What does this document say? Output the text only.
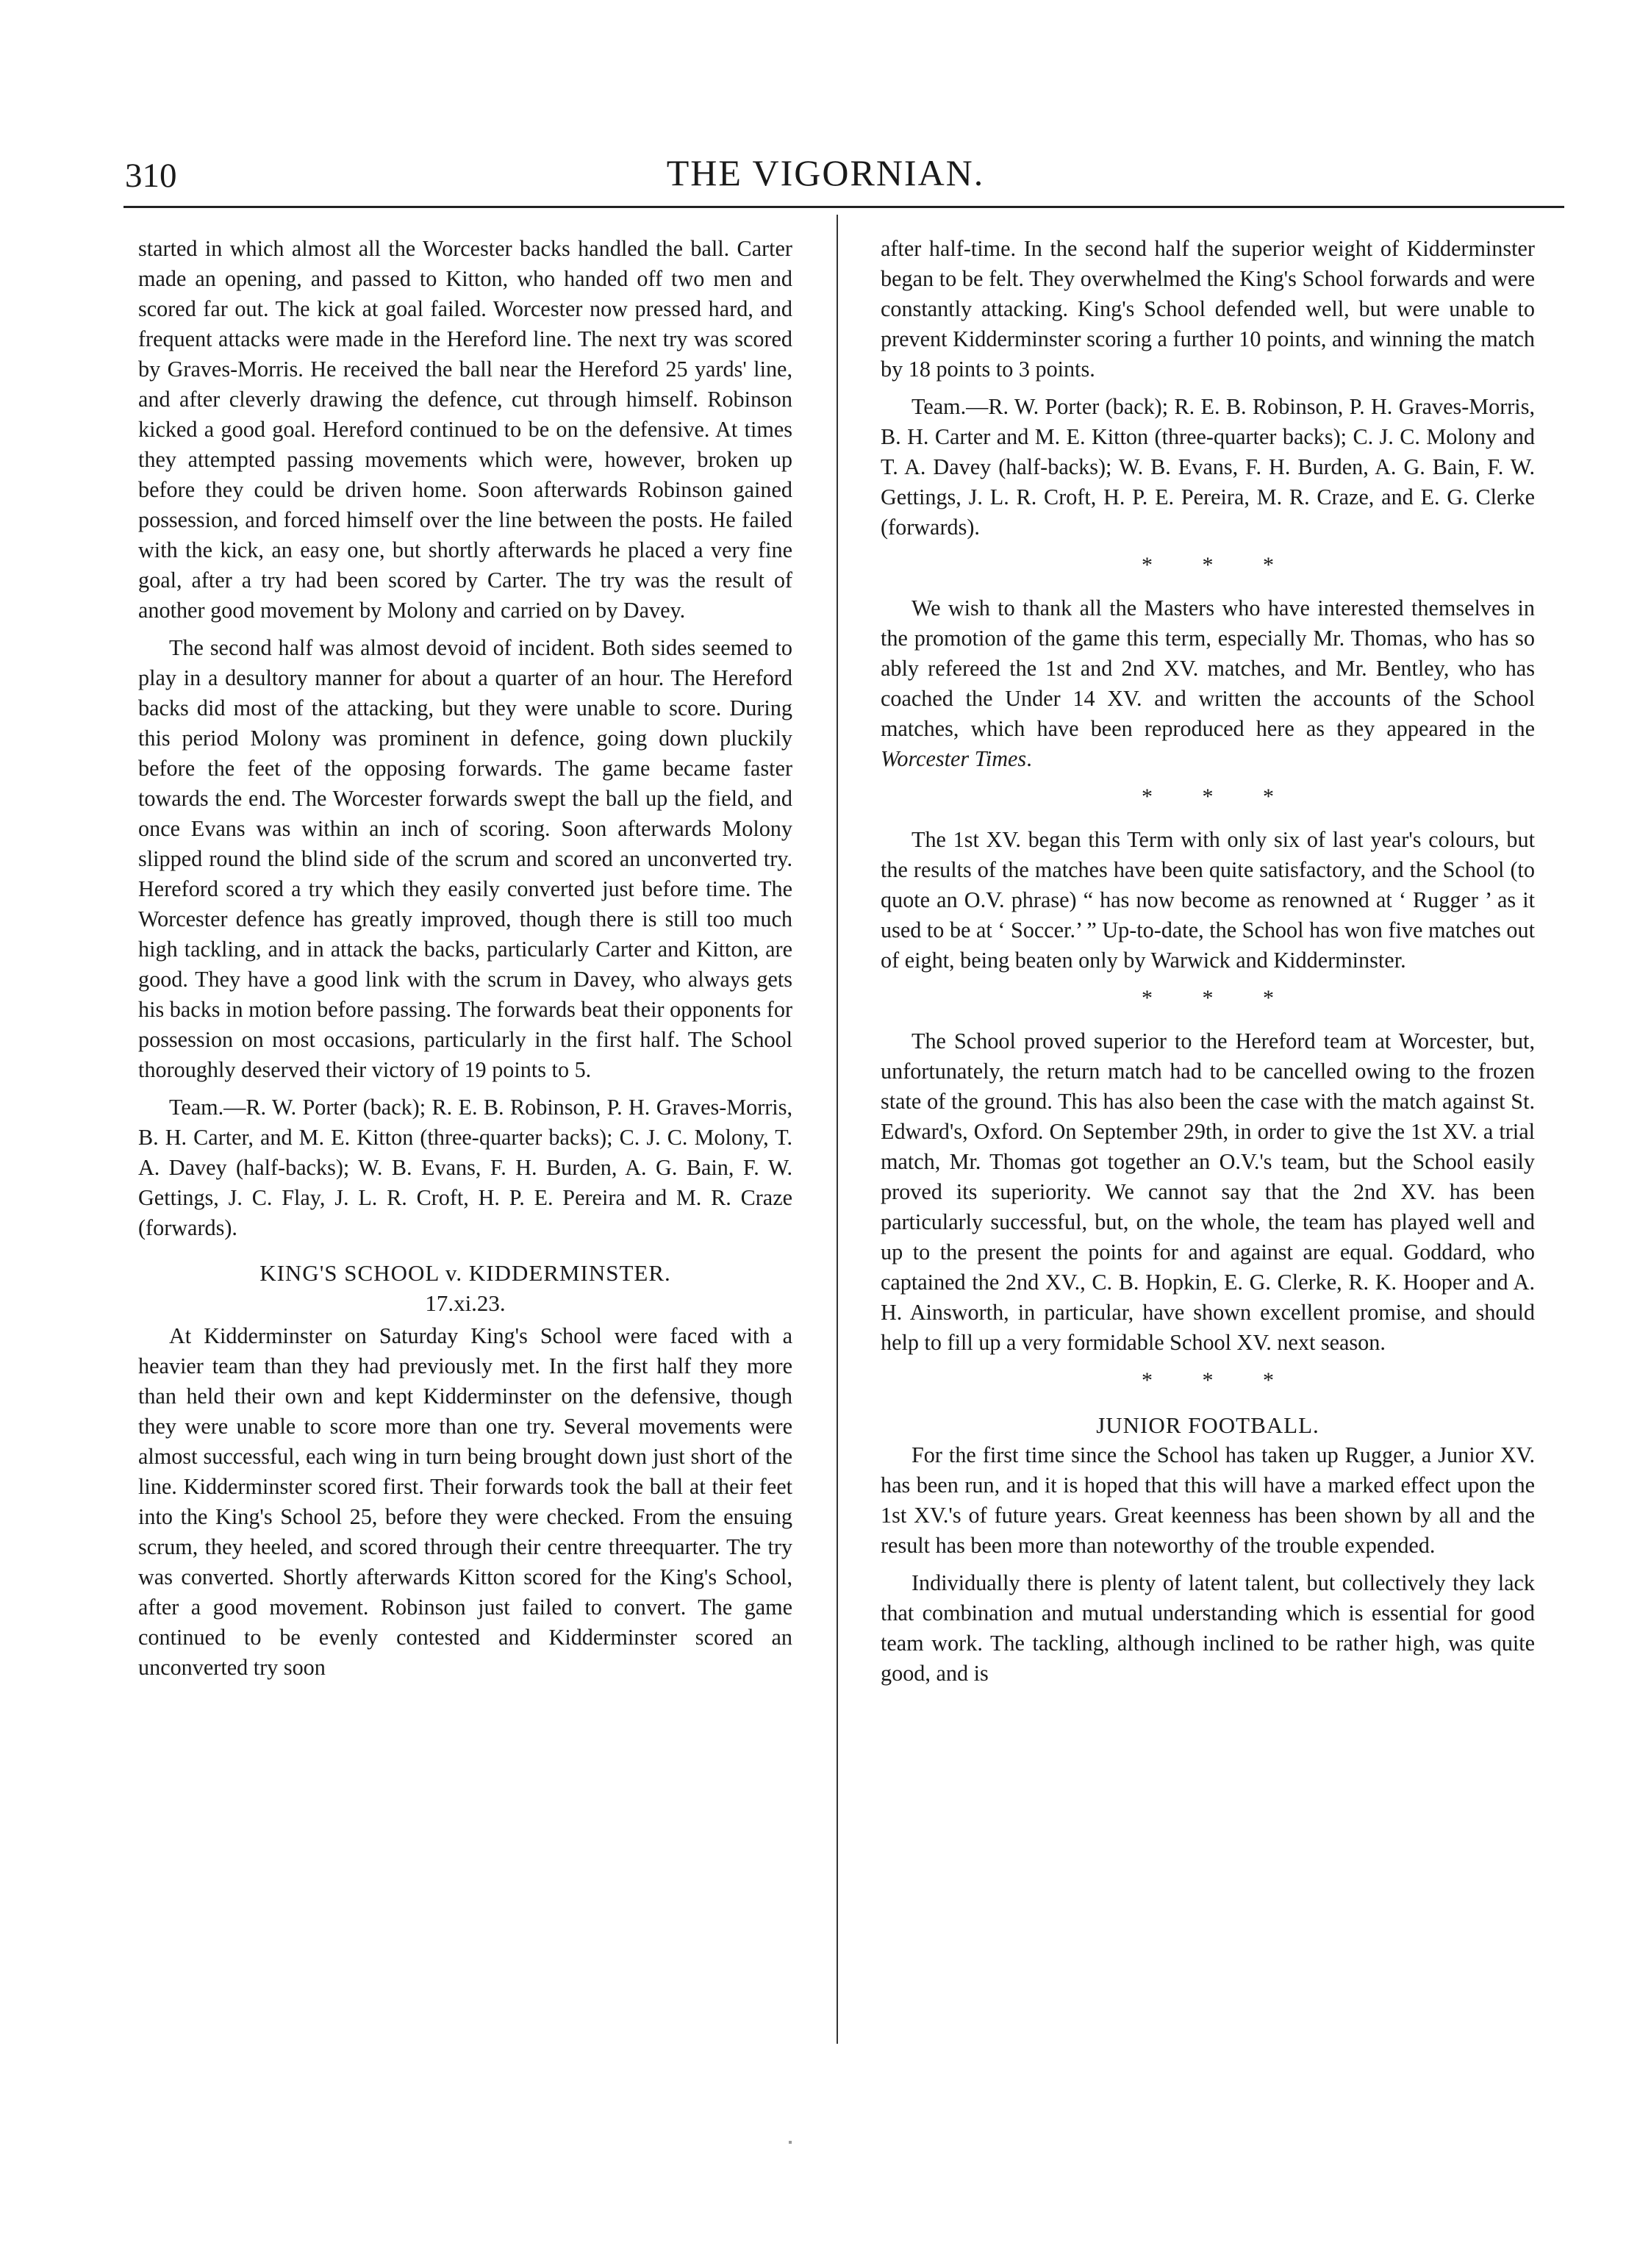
310	THE VIGORNIAN.

started in which almost all the Worcester backs handled the ball. Carter made an opening, and passed to Kitton, who handed off two men and scored far out. The kick at goal failed. Worcester now pressed hard, and frequent attacks were made in the Hereford line. The next try was scored by Graves-Morris. He received the ball near the Hereford 25 yards' line, and after cleverly drawing the defence, cut through himself. Robinson kicked a good goal. Hereford continued to be on the defensive. At times they attempted passing movements which were, however, broken up before they could be driven home. Soon afterwards Robinson gained possession, and forced himself over the line between the posts. He failed with the kick, an easy one, but shortly afterwards he placed a very fine goal, after a try had been scored by Carter. The try was the result of another good movement by Molony and carried on by Davey.

The second half was almost devoid of incident. Both sides seemed to play in a desultory manner for about a quarter of an hour. The Hereford backs did most of the attacking, but they were unable to score. During this period Molony was prominent in defence, going down pluckily before the feet of the opposing forwards. The game became faster towards the end. The Worcester forwards swept the ball up the field, and once Evans was within an inch of scoring. Soon afterwards Molony slipped round the blind side of the scrum and scored an unconverted try. Hereford scored a try which they easily converted just before time. The Worcester defence has greatly improved, though there is still too much high tackling, and in attack the backs, particularly Carter and Kitton, are good. They have a good link with the scrum in Davey, who always gets his backs in motion before passing. The forwards beat their opponents for possession on most occasions, particularly in the first half. The School thoroughly deserved their victory of 19 points to 5.

Team.—R. W. Porter (back); R. E. B. Robinson, P. H. Graves-Morris, B. H. Carter, and M. E. Kitton (three-quarter backs); C. J. C. Molony, T. A. Davey (half-backs); W. B. Evans, F. H. Burden, A. G. Bain, F. W. Gettings, J. C. Flay, J. L. R. Croft, H. P. E. Pereira and M. R. Craze (forwards).

KING'S SCHOOL v. KIDDERMINSTER.
17.xi.23.

At Kidderminster on Saturday King's School were faced with a heavier team than they had previously met. In the first half they more than held their own and kept Kidderminster on the defensive, though they were unable to score more than one try. Several movements were almost successful, each wing in turn being brought down just short of the line. Kidderminster scored first. Their forwards took the ball at their feet into the King's School 25, before they were checked. From the ensuing scrum, they heeled, and scored through their centre threequarter. The try was converted. Shortly afterwards Kitton scored for the King's School, after a good movement. Robinson just failed to convert. The game continued to be evenly contested and Kidderminster scored an unconverted try soon

after half-time. In the second half the superior weight of Kidderminster began to be felt. They overwhelmed the King's School forwards and were constantly attacking. King's School defended well, but were unable to prevent Kidderminster scoring a further 10 points, and winning the match by 18 points to 3 points.

Team.—R. W. Porter (back); R. E. B. Robinson, P. H. Graves-Morris, B. H. Carter and M. E. Kitton (three-quarter backs); C. J. C. Molony and T. A. Davey (half-backs); W. B. Evans, F. H. Burden, A. G. Bain, F. W. Gettings, J. L. R. Croft, H. P. E. Pereira, M. R. Craze, and E. G. Clerke (forwards).

* * *

We wish to thank all the Masters who have interested themselves in the promotion of the game this term, especially Mr. Thomas, who has so ably refereed the 1st and 2nd XV. matches, and Mr. Bentley, who has coached the Under 14 XV. and written the accounts of the School matches, which have been reproduced here as they appeared in the Worcester Times.

* * *

The 1st XV. began this Term with only six of last year's colours, but the results of the matches have been quite satisfactory, and the School (to quote an O.V. phrase) “ has now become as renowned at ‘ Rugger ’ as it used to be at ‘ Soccer.’ ” Up-to-date, the School has won five matches out of eight, being beaten only by Warwick and Kidderminster.

* * *

The School proved superior to the Hereford team at Worcester, but, unfortunately, the return match had to be cancelled owing to the frozen state of the ground. This has also been the case with the match against St. Edward's, Oxford. On September 29th, in order to give the 1st XV. a trial match, Mr. Thomas got together an O.V.'s team, but the School easily proved its superiority. We cannot say that the 2nd XV. has been particularly successful, but, on the whole, the team has played well and up to the present the points for and against are equal. Goddard, who captained the 2nd XV., C. B. Hopkin, E. G. Clerke, R. K. Hooper and A. H. Ainsworth, in particular, have shown excellent promise, and should help to fill up a very formidable School XV. next season.

* * *
JUNIOR FOOTBALL.

For the first time since the School has taken up Rugger, a Junior XV. has been run, and it is hoped that this will have a marked effect upon the 1st XV.'s of future years. Great keenness has been shown by all and the result has been more than noteworthy of the trouble expended.

Individually there is plenty of latent talent, but collectively they lack that combination and mutual understanding which is essential for good team work. The tackling, although inclined to be rather high, was quite good, and is
